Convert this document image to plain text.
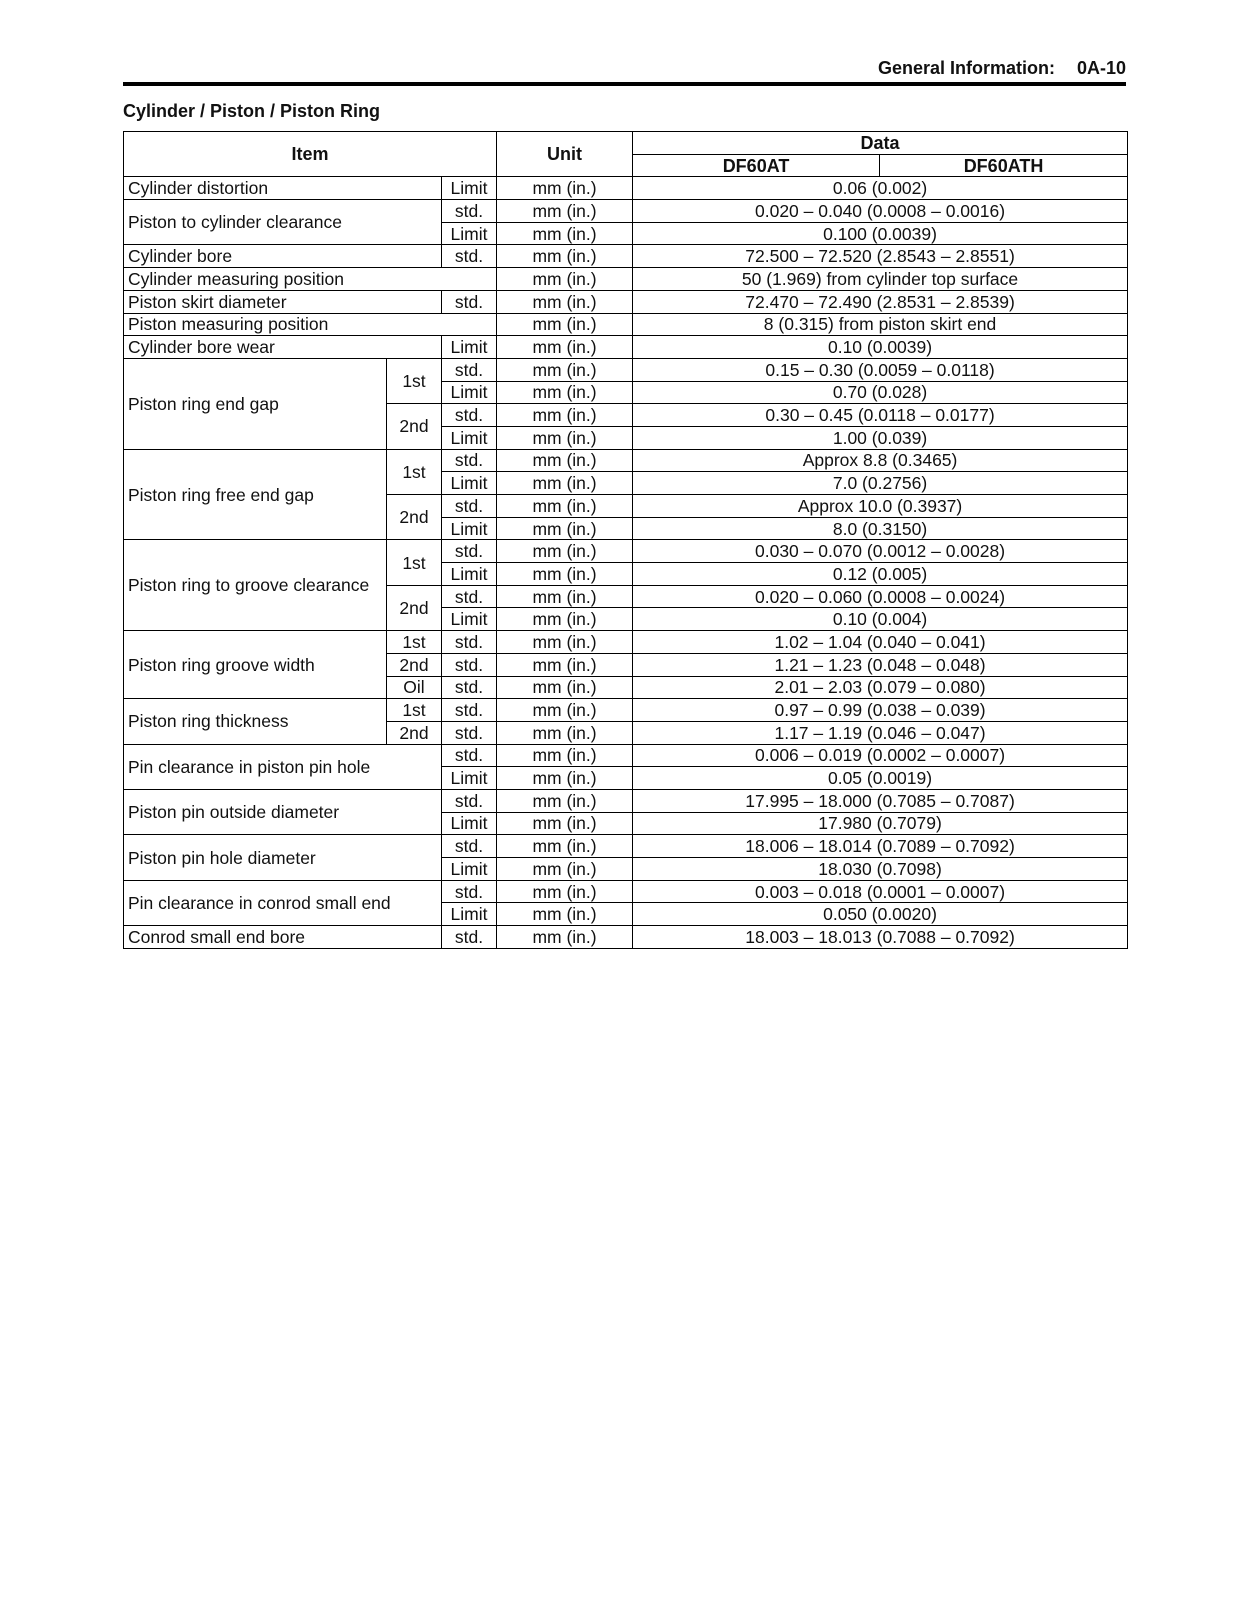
General Information: 0A-10
Cylinder / Piston / Piston Ring
Item			Unit	Data	
				DF60AT	DF60ATH
Cylinder distortion		Limit	mm (in.)	0.06 (0.002)	
Piston to cylinder clearance		std.	mm (in.)	0.020 – 0.040 (0.0008 – 0.0016)	
		Limit	mm (in.)	0.100 (0.0039)	
Cylinder bore		std.	mm (in.)	72.500 – 72.520 (2.8543 – 2.8551)	
Cylinder measuring position			mm (in.)	50 (1.969) from cylinder top surface	
Piston skirt diameter		std.	mm (in.)	72.470 – 72.490 (2.8531 – 2.8539)	
Piston measuring position			mm (in.)	8 (0.315) from piston skirt end	
Cylinder bore wear		Limit	mm (in.)	0.10 (0.0039)	
Piston ring end gap	1st	std.	mm (in.)	0.15 – 0.30 (0.0059 – 0.0118)	
		Limit	mm (in.)	0.70 (0.028)	
	2nd	std.	mm (in.)	0.30 – 0.45 (0.0118 – 0.0177)	
		Limit	mm (in.)	1.00 (0.039)	
Piston ring free end gap	1st	std.	mm (in.)	Approx 8.8 (0.3465)	
		Limit	mm (in.)	7.0 (0.2756)	
	2nd	std.	mm (in.)	Approx 10.0 (0.3937)	
		Limit	mm (in.)	8.0 (0.3150)	
Piston ring to groove clearance	1st	std.	mm (in.)	0.030 – 0.070 (0.0012 – 0.0028)	
		Limit	mm (in.)	0.12 (0.005)	
	2nd	std.	mm (in.)	0.020 – 0.060 (0.0008 – 0.0024)	
		Limit	mm (in.)	0.10 (0.004)	
Piston ring groove width	1st	std.	mm (in.)	1.02 – 1.04 (0.040 – 0.041)	
	2nd	std.	mm (in.)	1.21 – 1.23 (0.048 – 0.048)	
	Oil	std.	mm (in.)	2.01 – 2.03 (0.079 – 0.080)	
Piston ring thickness	1st	std.	mm (in.)	0.97 – 0.99 (0.038 – 0.039)	
	2nd	std.	mm (in.)	1.17 – 1.19 (0.046 – 0.047)	
Pin clearance in piston pin hole		std.	mm (in.)	0.006 – 0.019 (0.0002 – 0.0007)	
		Limit	mm (in.)	0.05 (0.0019)	
Piston pin outside diameter		std.	mm (in.)	17.995 – 18.000 (0.7085 – 0.7087)	
		Limit	mm (in.)	17.980 (0.7079)	
Piston pin hole diameter		std.	mm (in.)	18.006 – 18.014 (0.7089 – 0.7092)	
		Limit	mm (in.)	18.030 (0.7098)	
Pin clearance in conrod small end		std.	mm (in.)	0.003 – 0.018 (0.0001 – 0.0007)	
		Limit	mm (in.)	0.050 (0.0020)	
Conrod small end bore		std.	mm (in.)	18.003 – 18.013 (0.7088 – 0.7092)	
